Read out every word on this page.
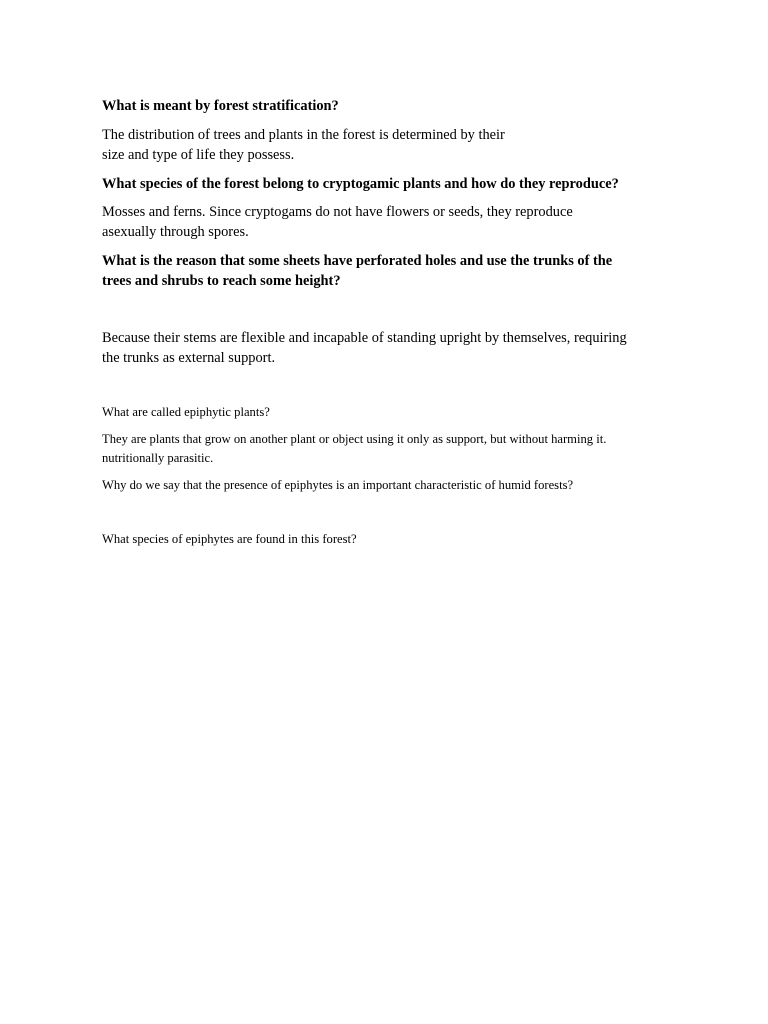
What is meant by forest stratification?

The distribution of trees and plants in the forest is determined by their
size and type of life they possess.

What species of the forest belong to cryptogamic plants and how do they reproduce?

Mosses and ferns. Since cryptogams do not have flowers or seeds, they reproduce
asexually through spores.

What is the reason that some sheets have perforated holes and use the trunks of the
trees and shrubs to reach some height?

Because their stems are flexible and incapable of standing upright by themselves, requiring
the trunks as external support.

What are called epiphytic plants?

They are plants that grow on another plant or object using it only as support, but without harming it.
nutritionally parasitic.

Why do we say that the presence of epiphytes is an important characteristic of humid forests?

What species of epiphytes are found in this forest?
